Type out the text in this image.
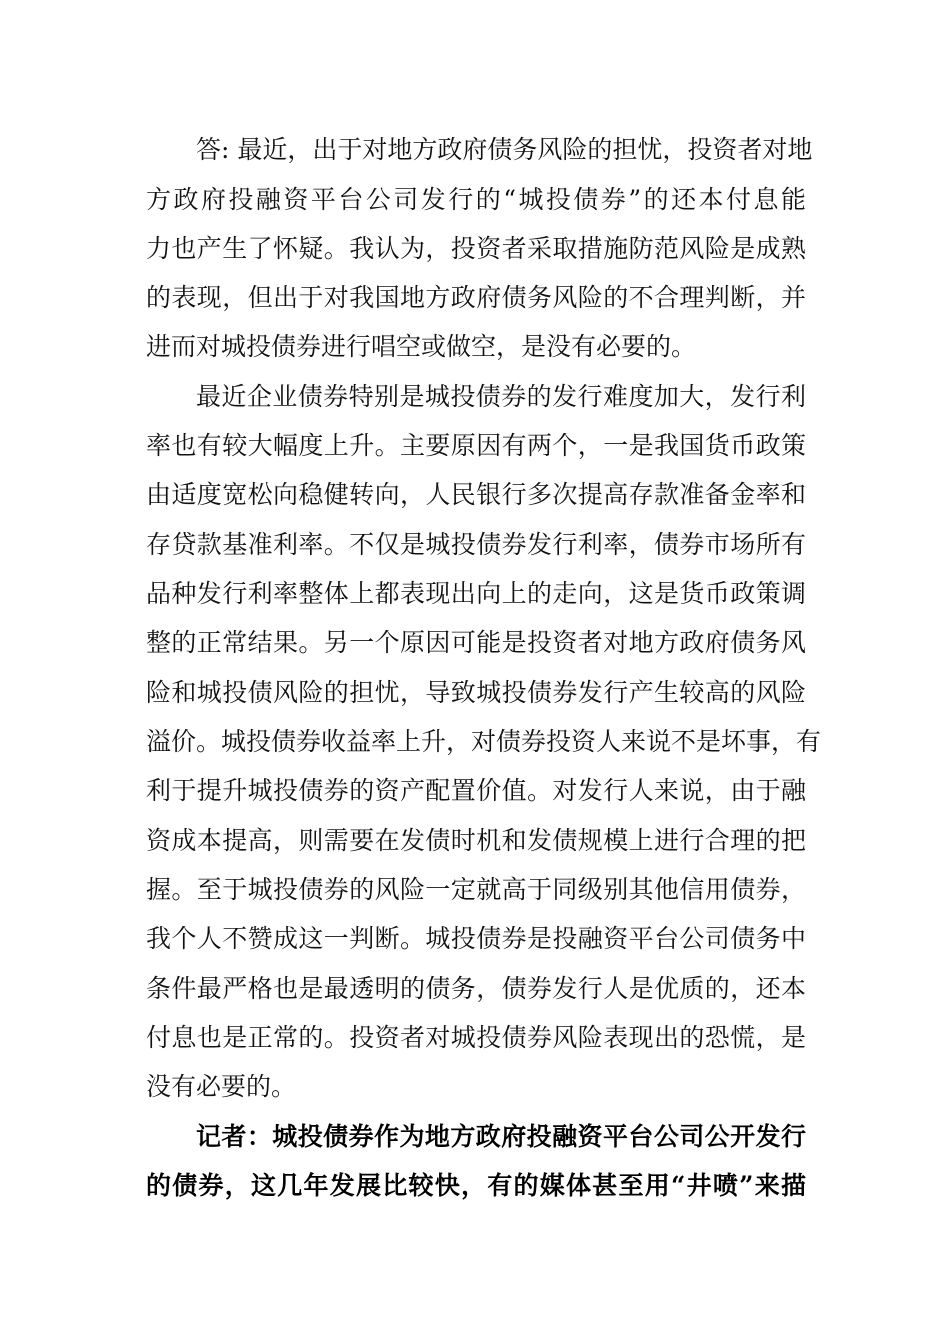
答: 最近，出于对地方政府债务风险的担忧，投资者对地
方政府投融资平台公司发行的“城投债券”的还本付息能
力也产生了怀疑。我认为，投资者采取措施防范风险是成熟
的表现，但出于对我国地方政府债务风险的不合理判断，并
进而对城投债券进行唱空或做空，是没有必要的。
最近企业债券特别是城投债券的发行难度加大，发行利
率也有较大幅度上升。主要原因有两个，一是我国货币政策
由适度宽松向稳健转向，人民银行多次提高存款准备金率和
存贷款基准利率。不仅是城投债券发行利率，债券市场所有
品种发行利率整体上都表现出向上的走向，这是货币政策调
整的正常结果。另一个原因可能是投资者对地方政府债务风
险和城投债风险的担忧，导致城投债券发行产生较高的风险
溢价。城投债券收益率上升，对债券投资人来说不是坏事，有
利于提升城投债券的资产配置价值。对发行人来说，由于融
资成本提高，则需要在发债时机和发债规模上进行合理的把
握。至于城投债券的风险一定就高于同级别其他信用债券，
我个人不赞成这一判断。城投债券是投融资平台公司债务中
条件最严格也是最透明的债务，债券发行人是优质的，还本
付息也是正常的。投资者对城投债券风险表现出的恐慌，是
没有必要的。
记者：城投债券作为地方政府投融资平台公司公开发行
的债券，这几年发展比较快，有的媒体甚至用“井喷”来描
